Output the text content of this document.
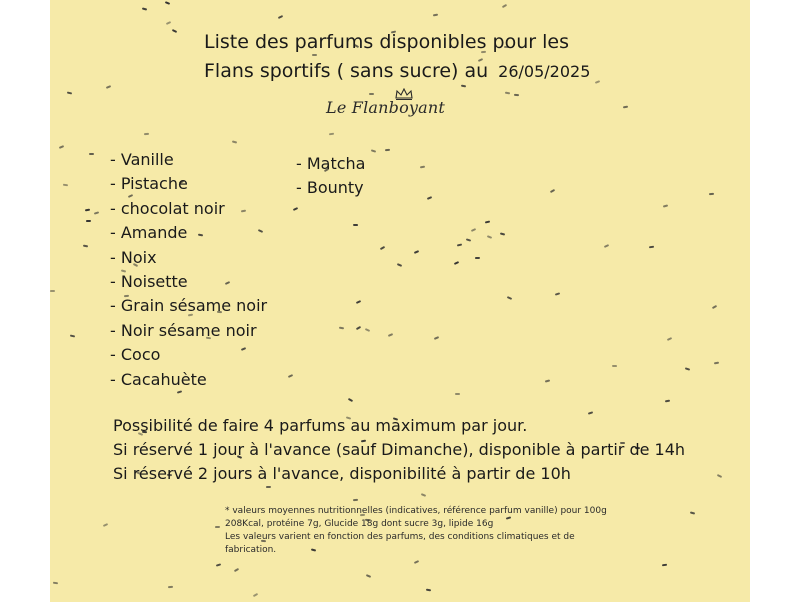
Liste des parfums disponibles pour les
Flans sportifs ( sans sucre) au 26/05/2025
Le Flanboyant
- Vanille
- Pistache
- chocolat noir
- Amande
- Noix
- Noisette
- Grain sésame noir
- Noir sésame noir
- Coco
- Cacahuète
- Matcha
- Bounty

Possibilité de faire 4 parfums au maximum par jour.

Si réservé 1 jour à l'avance (sauf Dimanche), disponible à partir de 14h

Si réservé 2 jours à l'avance, disponibilité à partir de 10h

* valeurs moyennes nutritionnelles (indicatives, référence parfum vanille) pour 100g

208Kcal, protéine 7g, Glucide 18g dont sucre 3g, lipide 16g

Les valeurs varient en fonction des parfums, des conditions climatiques et de

fabrication.
